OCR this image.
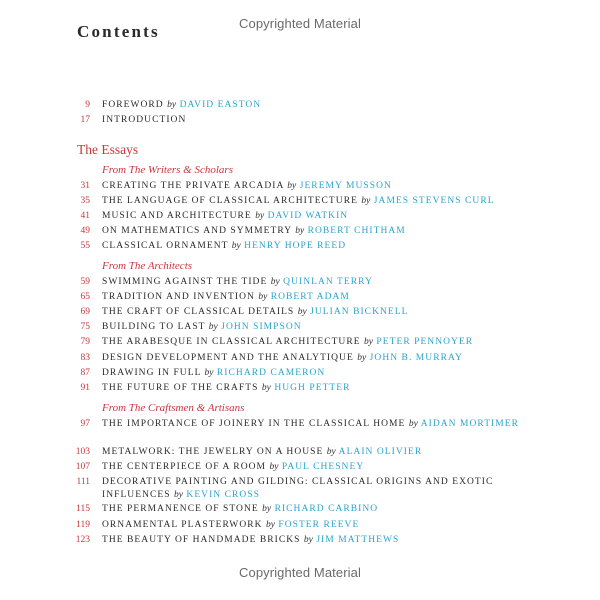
Copyrighted Material
Contents
9 FOREWORD by DAVID EASTON
17 INTRODUCTION
The Essays
From The Writers & Scholars
31 CREATING THE PRIVATE ARCADIA by JEREMY MUSSON
35 THE LANGUAGE OF CLASSICAL ARCHITECTURE by JAMES STEVENS CURL
41 MUSIC AND ARCHITECTURE by DAVID WATKIN
49 ON MATHEMATICS AND SYMMETRY by ROBERT CHITHAM
55 CLASSICAL ORNAMENT by HENRY HOPE REED
From The Architects
59 SWIMMING AGAINST THE TIDE by QUINLAN TERRY
65 TRADITION AND INVENTION by ROBERT ADAM
69 THE CRAFT OF CLASSICAL DETAILS by JULIAN BICKNELL
75 BUILDING TO LAST by JOHN SIMPSON
79 THE ARABESQUE IN CLASSICAL ARCHITECTURE by PETER PENNOYER
83 DESIGN DEVELOPMENT AND THE ANALYTIQUE by JOHN B. MURRAY
87 DRAWING IN FULL by RICHARD CAMERON
91 THE FUTURE OF THE CRAFTS by HUGH PETTER
From The Craftsmen & Artisans
97 THE IMPORTANCE OF JOINERY IN THE CLASSICAL HOME by AIDAN MORTIMER
103 METALWORK: THE JEWELRY ON A HOUSE by ALAIN OLIVIER
107 THE CENTERPIECE OF A ROOM by PAUL CHESNEY
111 DECORATIVE PAINTING AND GILDING: CLASSICAL ORIGINS AND EXOTIC INFLUENCES by KEVIN CROSS
115 THE PERMANENCE OF STONE by RICHARD CARBINO
119 ORNAMENTAL PLASTERWORK by FOSTER REEVE
123 THE BEAUTY OF HANDMADE BRICKS by JIM MATTHEWS
Copyrighted Material
